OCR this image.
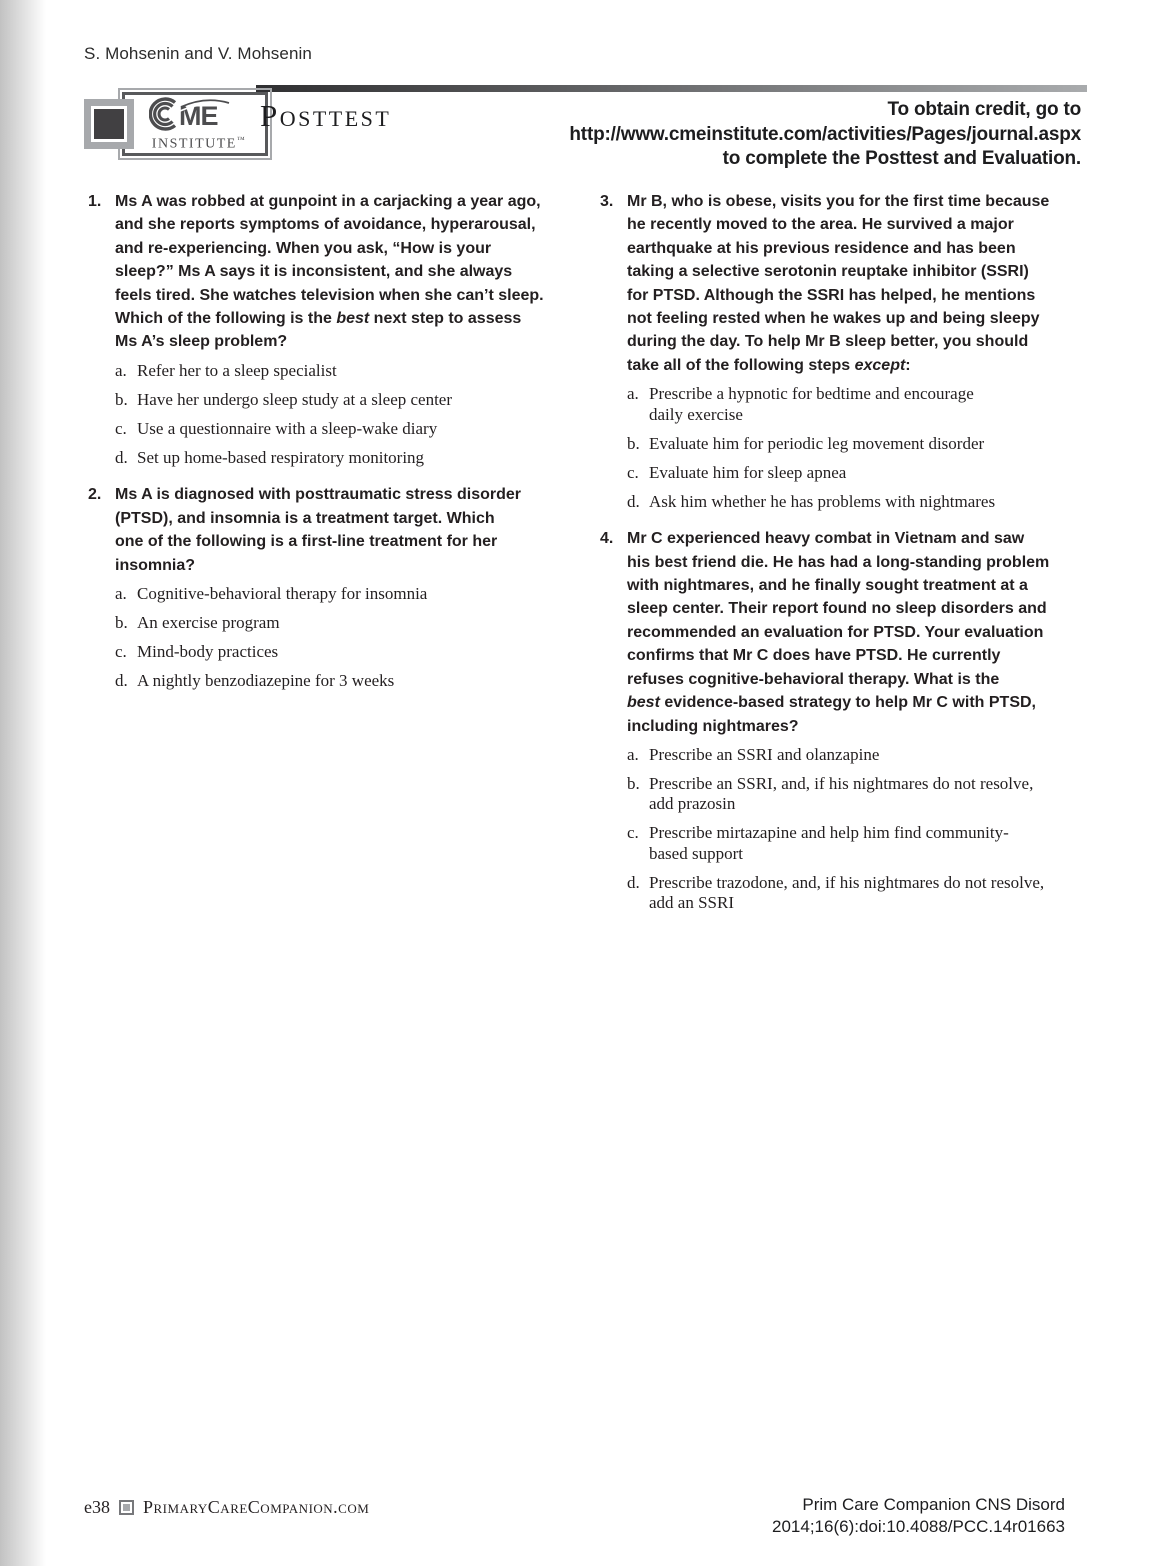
S. Mohsenin and V. Mohsenin
ME
INSTITUTE™
Posttest	To obtain credit, go to
http://www.cmeinstitute.com/activities/Pages/journal.aspx
to complete the Posttest and Evaluation.
1. Ms A was robbed at gunpoint in a carjacking a year ago,
and she reports symptoms of avoidance, hyperarousal,
and re-experiencing. When you ask, “How is your
sleep?” Ms A says it is inconsistent, and she always
feels tired. She watches television when she can’t sleep.
Which of the following is the best next step to assess
Ms A’s sleep problem?
a. Refer her to a sleep specialist
b. Have her undergo sleep study at a sleep center
c. Use a questionnaire with a sleep-wake diary
d. Set up home-based respiratory monitoring
2. Ms A is diagnosed with posttraumatic stress disorder
(PTSD), and insomnia is a treatment target. Which
one of the following is a first-line treatment for her
insomnia?
a. Cognitive-behavioral therapy for insomnia
b. An exercise program
c. Mind-body practices
d. A nightly benzodiazepine for 3 weeks
3. Mr B, who is obese, visits you for the first time because
he recently moved to the area. He survived a major
earthquake at his previous residence and has been
taking a selective serotonin reuptake inhibitor (SSRI)
for PTSD. Although the SSRI has helped, he mentions
not feeling rested when he wakes up and being sleepy
during the day. To help Mr B sleep better, you should
take all of the following steps except:
a. Prescribe a hypnotic for bedtime and encourage
daily exercise
b. Evaluate him for periodic leg movement disorder
c. Evaluate him for sleep apnea
d. Ask him whether he has problems with nightmares
4. Mr C experienced heavy combat in Vietnam and saw
his best friend die. He has had a long-standing problem
with nightmares, and he finally sought treatment at a
sleep center. Their report found no sleep disorders and
recommended an evaluation for PTSD. Your evaluation
confirms that Mr C does have PTSD. He currently
refuses cognitive-behavioral therapy. What is the
best evidence-based strategy to help Mr C with PTSD,
including nightmares?
a. Prescribe an SSRI and olanzapine
b. Prescribe an SSRI, and, if his nightmares do not resolve,
add prazosin
c. Prescribe mirtazapine and help him find community-
based support
d. Prescribe trazodone, and, if his nightmares do not resolve,
add an SSRI
e38 PrimaryCareCompanion.com	Prim Care Companion CNS Disord
2014;16(6):doi:10.4088/PCC.14r01663
